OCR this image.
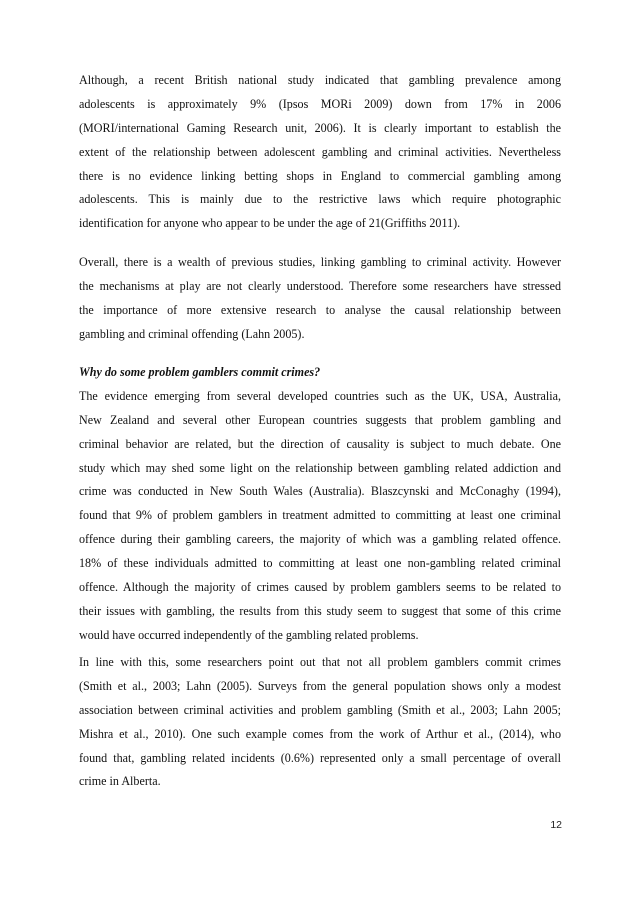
Although, a recent British national study indicated that gambling prevalence among
adolescents is approximately 9% (Ipsos MORi 2009) down from 17% in 2006
(MORI/international Gaming Research unit, 2006). It is clearly important to establish the
extent of the relationship between adolescent gambling and criminal activities. Nevertheless
there is no evidence linking betting shops in England to commercial gambling among
adolescents. This is mainly due to the restrictive laws which require photographic
identification for anyone who appear to be under the age of 21(Griffiths 2011).
Overall, there is a wealth of previous studies, linking gambling to criminal activity. However
the mechanisms at play are not clearly understood. Therefore some researchers have stressed
the importance of more extensive research to analyse the causal relationship between
gambling and criminal offending (Lahn 2005).
Why do some problem gamblers commit crimes?
The evidence emerging from several developed countries such as the UK, USA, Australia,
New Zealand and several other European countries suggests that problem gambling and
criminal behavior are related, but the direction of causality is subject to much debate. One
study which may shed some light on the relationship between gambling related addiction and
crime was conducted in New South Wales (Australia). Blaszcynski and McConaghy (1994),
found that 9% of problem gamblers in treatment admitted to committing at least one criminal
offence during their gambling careers, the majority of which was a gambling related offence.
18% of these individuals admitted to committing at least one non-gambling related criminal
offence. Although the majority of crimes caused by problem gamblers seems to be related to
their issues with gambling, the results from this study seem to suggest that some of this crime
would have occurred independently of the gambling related problems.
In line with this, some researchers point out that not all problem gamblers commit crimes
(Smith et al., 2003; Lahn (2005). Surveys from the general population shows only a modest
association between criminal activities and problem gambling (Smith et al., 2003; Lahn 2005;
Mishra et al., 2010). One such example comes from the work of Arthur et al., (2014), who
found that, gambling related incidents (0.6%) represented only a small percentage of overall
crime in Alberta.
12
